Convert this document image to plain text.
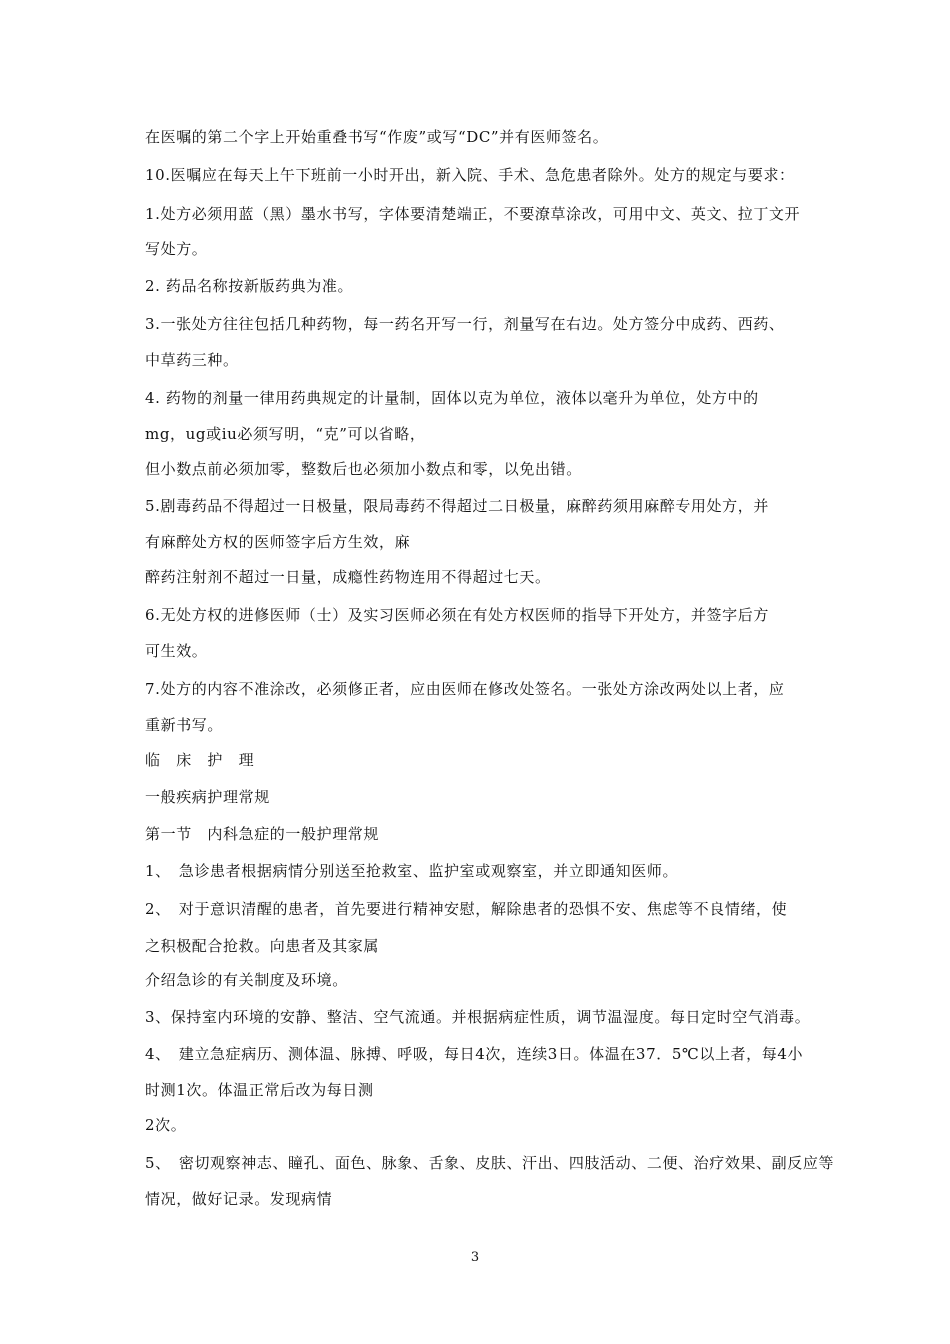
在医嘱的第二个字上开始重叠书写“作废”或写“DC”并有医师签名。
10.医嘱应在每天上午下班前一小时开出，新入院、手术、急危患者除外。处方的规定与要求：
1.处方必须用蓝（黑）墨水书写，字体要清楚端正，不要潦草涂改，可用中文、英文、拉丁文开
写处方。
2. 药品名称按新版药典为准。
3.一张处方往往包括几种药物，每一药名开写一行，剂量写在右边。处方签分中成药、西药、
中草药三种。
4. 药物的剂量一律用药典规定的计量制，固体以克为单位，液体以毫升为单位，处方中的
mg，ug或iu必须写明，“克”可以省略，
但小数点前必须加零，整数后也必须加小数点和零，以免出错。
5.剧毒药品不得超过一日极量，限局毒药不得超过二日极量，麻醉药须用麻醉专用处方，并
有麻醉处方权的医师签字后方生效，麻
醉药注射剂不超过一日量，成瘾性药物连用不得超过七天。
6.无处方权的进修医师（士）及实习医师必须在有处方权医师的指导下开处方，并签字后方
可生效。
7.处方的内容不准涂改，必须修正者，应由医师在修改处签名。一张处方涂改两处以上者，应
重新书写。
临　床　护　理
一般疾病护理常规
第一节　内科急症的一般护理常规
1、　急诊患者根据病情分别送至抢救室、监护室或观察室，并立即通知医师。
2、　对于意识清醒的患者，首先要进行精神安慰，解除患者的恐惧不安、焦虑等不良情绪，使
之积极配合抢救。向患者及其家属
介绍急诊的有关制度及环境。
3、保持室内环境的安静、整洁、空气流通。并根据病症性质，调节温湿度。每日定时空气消毒。
4、　建立急症病历、测体温、脉搏、呼吸，每日4次，连续3日。体温在37．5℃以上者，每4小
时测1次。体温正常后改为每日测
2次。
5、　密切观察神志、瞳孔、面色、脉象、舌象、皮肤、汗出、四肢活动、二便、治疗效果、副反应等
情况，做好记录。发现病情
3
